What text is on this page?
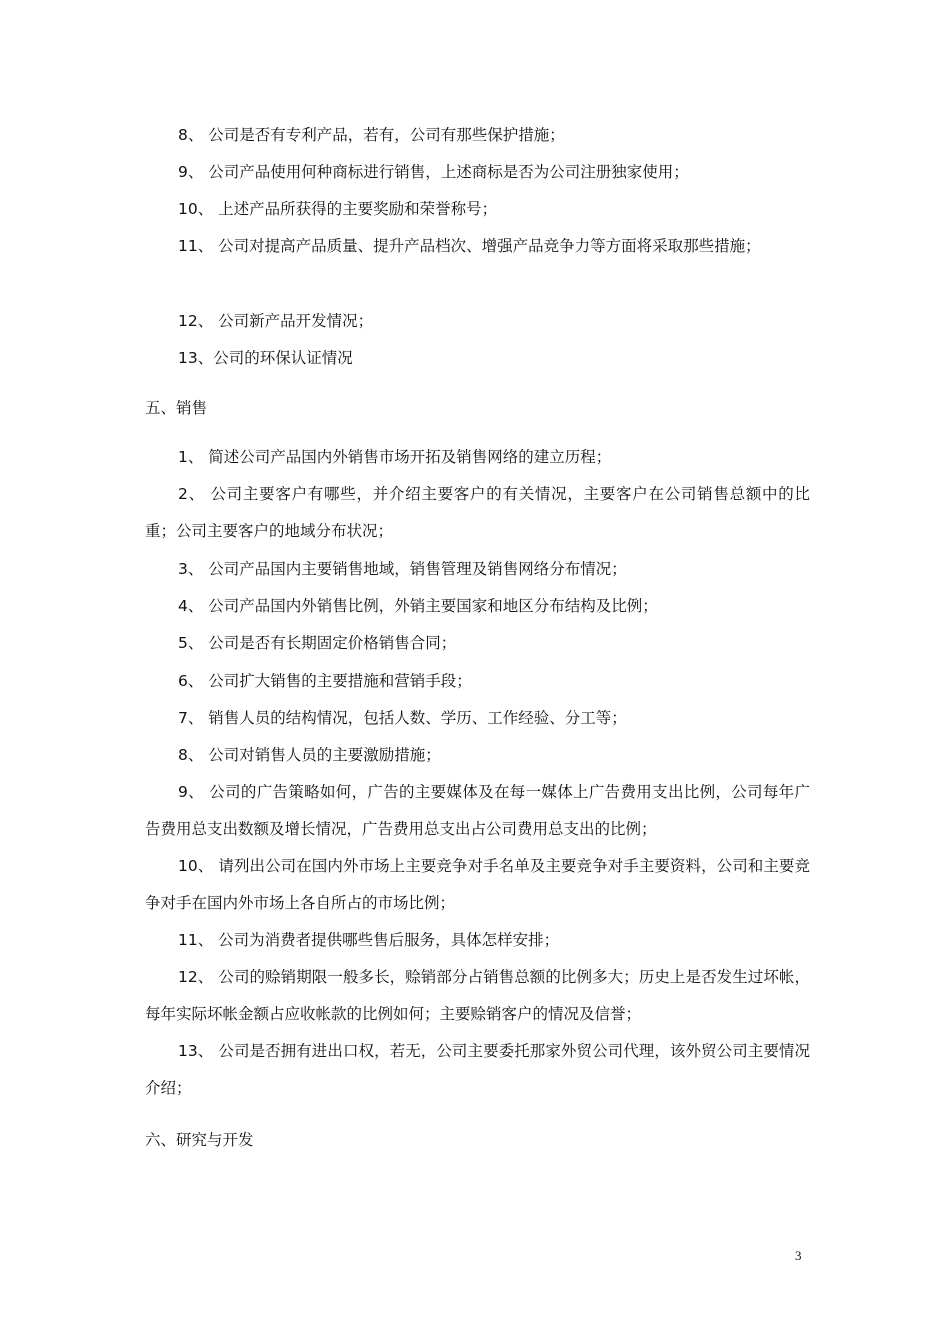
8、 公司是否有专利产品，若有，公司有那些保护措施；

9、 公司产品使用何种商标进行销售，上述商标是否为公司注册独家使用；

10、 上述产品所获得的主要奖励和荣誉称号；

11、 公司对提高产品质量、提升产品档次、增强产品竞争力等方面将采取那些措施；

12、 公司新产品开发情况；

13、公司的环保认证情况

五、销售

1、 简述公司产品国内外销售市场开拓及销售网络的建立历程；

2、 公司主要客户有哪些，并介绍主要客户的有关情况，主要客户在公司销售总额中的比重；公司主要客户的地域分布状况；

3、 公司产品国内主要销售地域，销售管理及销售网络分布情况；

4、 公司产品国内外销售比例，外销主要国家和地区分布结构及比例；

5、 公司是否有长期固定价格销售合同；

6、 公司扩大销售的主要措施和营销手段；

7、 销售人员的结构情况，包括人数、学历、工作经验、分工等；

8、 公司对销售人员的主要激励措施；

9、 公司的广告策略如何，广告的主要媒体及在每一媒体上广告费用支出比例，公司每年广告费用总支出数额及增长情况，广告费用总支出占公司费用总支出的比例；

10、 请列出公司在国内外市场上主要竞争对手名单及主要竞争对手主要资料，公司和主要竞争对手在国内外市场上各自所占的市场比例；

11、 公司为消费者提供哪些售后服务，具体怎样安排；

12、 公司的赊销期限一般多长，赊销部分占销售总额的比例多大；历史上是否发生过坏帐，每年实际坏帐金额占应收帐款的比例如何；主要赊销客户的情况及信誉；

13、 公司是否拥有进出口权，若无，公司主要委托那家外贸公司代理，该外贸公司主要情况介绍；

六、研究与开发

3
